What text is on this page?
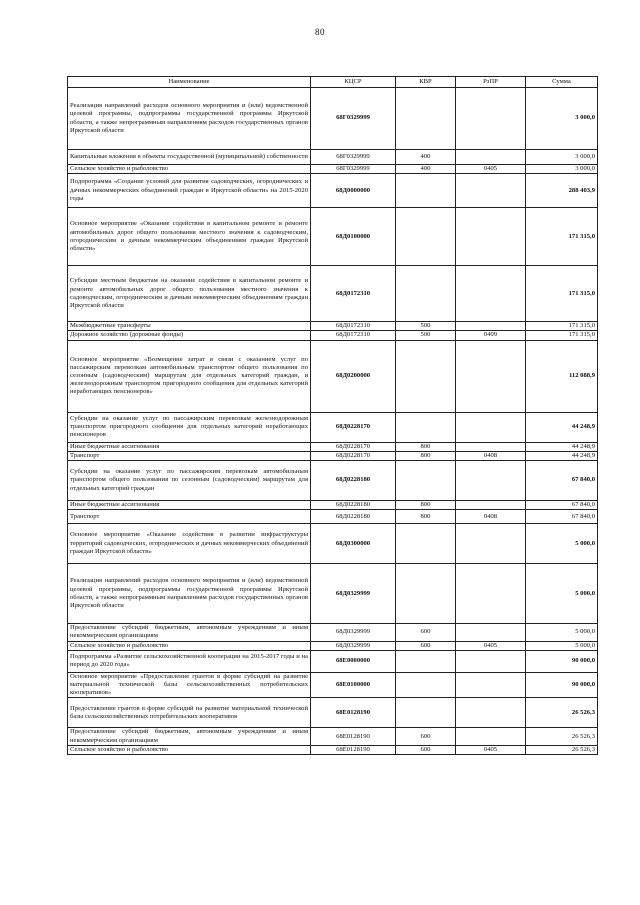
80
Наименование	КЦСР	КВР	РзПР	Сумма
Реализация направлений расходов основного мероприятия и (или) ведомственной целевой программы, подпрограммы государственной программы Иркутской области, а также непрограммным направлениям расходов государственных органов Иркутской области	68Г0329999			3 000,0
Капитальные вложения в объекты государственной (муниципальной) собственности	68Г0329999	400		3 000,0
Сельское хозяйство и рыболовство	68Г0329999	400	0405	3 000,0
Подпрограмма «Создание условий для развития садоводческих, огороднических и дачных некоммерческих объединений граждан в Иркутской области» на 2015-2020 годы	68Д0000000			288 403,9
Основное мероприятие «Оказание содействия в капитальном ремонте и ремонте автомобильных дорог общего пользования местного значения к садоводческим, огородническим и дачным некоммерческим объединениям граждан Иркутской области»	68Д0100000			171 315,0
Субсидии местным бюджетам на оказание содействия в капитальном ремонте и ремонте автомобильных дорог общего пользования местного значения к садоводческим, огородническим и дачным некоммерческим объединениям граждан Иркутской области	68Д0172310			171 315,0
Межбюджетные трансферты	68Д0172310	500		171 315,0
Дорожное хозяйство (дорожные фонды)	68Д0172310	500	0409	171 315,0
Основное мероприятие «Возмещение затрат в связи с оказанием услуг по пассажирским перевозкам автомобильным транспортом общего пользования по сезонным (садоводческим) маршрутам для отдельных категорий граждан, и железнодорожным транспортом пригородного сообщения для отдельных категорий неработающих пенсионеров»	68Д0200000			112 088,9
Субсидии на оказание услуг по пассажирским перевозкам железнодорожным транспортом пригородного сообщения для отдельных категорий неработающих пенсионеров	68Д0228170			44 248,9
Иные бюджетные ассигнования	68Д0228170	800		44 248,9
Транспорт	68Д0228170	800	0408	44 248,9
Субсидии на оказание услуг по пассажирским перевозкам автомобильным транспортом общего пользования по сезонным (садоводческим) маршрутам для отдельных категорий граждан	68Д0228180			67 840,0
Иные бюджетные ассигнования	68Д0228180	800		67 840,0
Транспорт	68Д0228180	800	0408	67 840,0
Основное мероприятие «Оказание содействия в развитии инфраструктуры территорий садоводческих, огороднических и дачных некоммерческих объединений граждан Иркутской области»	68Д0300000			5 000,0
Реализация направлений расходов основного мероприятия и (или) ведомственной целевой программы, подпрограммы государственной программы Иркутской области, а также непрограммным направлениям расходов государственных органов Иркутской области	68Д0329999			5 000,0
Предоставление субсидий бюджетным, автономным учреждениям и иным некоммерческим организациям	68Д0329999	600		5 000,0
Сельское хозяйство и рыболовство	68Д0329999	600	0405	5 000,0
Подпрограмма «Развитие сельскохозяйственной кооперации на 2015-2017 годы и на период до 2020 года»	68Е0000000			90 000,0
Основное мероприятие «Предоставление грантов в форме субсидий на развитие материальной технической базы сельскохозяйственных потребительских кооперативов»	68Е0100000			90 000,0
Предоставление грантов в форме субсидий на развитие материальной технической базы сельскохозяйственных потребительских кооперативов	68Е0128190			26 526,3
Предоставление субсидий бюджетным, автономным учреждениям и иным некоммерческим организациям	68Е0128190	600		26 526,3
Сельское хозяйство и рыболовство	68Е0128190	600	0405	26 526,3
